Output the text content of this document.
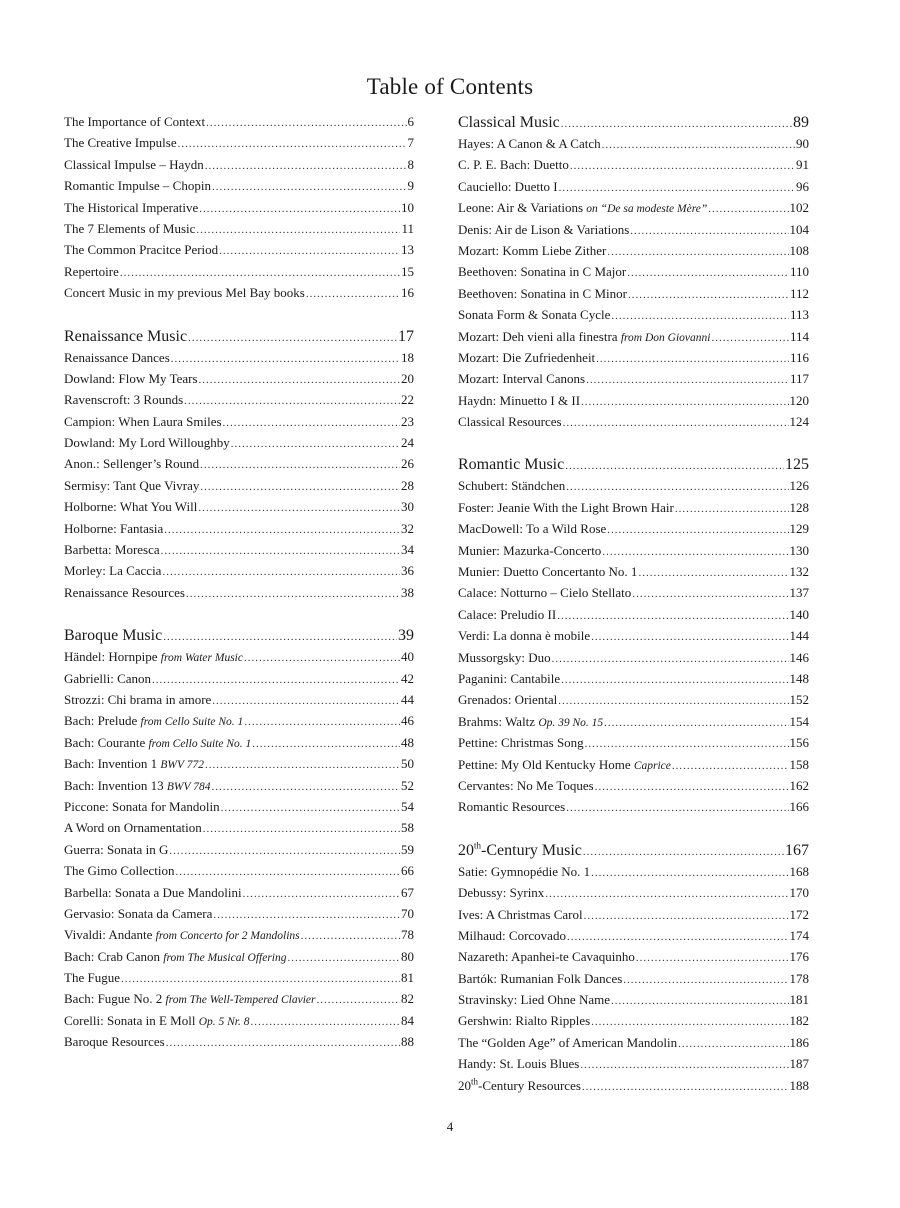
Table of Contents
The Importance of Context .....	6
The Creative Impulse .....	7
Classical Impulse – Haydn .....	8
Romantic Impulse – Chopin .....	9
The Historical Imperative .....	10
The 7 Elements of Music .....	11
The Common Pracitce Period .....	13
Repertoire .....	15
Concert Music in my previous Mel Bay books .....	16
Renaissance Music .....	17
Renaissance Dances .....	18
Dowland: Flow My Tears .....	20
Ravenscroft: 3 Rounds .....	22
Campion: When Laura Smiles .....	23
Dowland: My Lord Willoughby .....	24
Anon.: Sellenger’s Round .....	26
Sermisy: Tant Que Vivray .....	28
Holborne: What You Will .....	30
Holborne: Fantasia .....	32
Barbetta: Moresca .....	34
Morley: La Caccia .....	36
Renaissance Resources .....	38
Baroque Music .....	39
Händel: Hornpipe from Water Music .....	40
Gabrielli: Canon .....	42
Strozzi: Chi brama in amore .....	44
Bach: Prelude from Cello Suite No. 1 .....	46
Bach: Courante from Cello Suite No. 1 .....	48
Bach: Invention 1 BWV 772 .....	50
Bach: Invention 13 BWV 784 .....	52
Piccone: Sonata for Mandolin .....	54
A Word on Ornamentation .....	58
Guerra: Sonata in G .....	59
The Gimo Collection .....	66
Barbella: Sonata a Due Mandolini .....	67
Gervasio: Sonata da Camera .....	70
Vivaldi: Andante from Concerto for 2 Mandolins .....	78
Bach: Crab Canon from The Musical Offering .....	80
The Fugue .....	81
Bach: Fugue No. 2 from The Well-Tempered Clavier .....	82
Corelli: Sonata in E Moll Op. 5 Nr. 8 .....	84
Baroque Resources .....	88
Classical Music .....	89
Hayes: A Canon & A Catch .....	90
C. P. E. Bach: Duetto .....	91
Cauciello: Duetto I .....	96
Leone: Air & Variations on “De sa modeste Mère” .....	102
Denis: Air de Lison & Variations .....	104
Mozart: Komm Liebe Zither .....	108
Beethoven: Sonatina in C Major .....	110
Beethoven: Sonatina in C Minor .....	112
Sonata Form & Sonata Cycle .....	113
Mozart: Deh vieni alla finestra from Don Giovanni .....	114
Mozart: Die Zufriedenheit .....	116
Mozart: Interval Canons .....	117
Haydn: Minuetto I & II .....	120
Classical Resources .....	124
Romantic Music .....	125
Schubert: Ständchen .....	126
Foster: Jeanie With the Light Brown Hair .....	128
MacDowell: To a Wild Rose .....	129
Munier: Mazurka-Concerto .....	130
Munier: Duetto Concertanto No. 1 .....	132
Calace: Notturno – Cielo Stellato .....	137
Calace: Preludio II .....	140
Verdi: La donna è mobile .....	144
Mussorgsky: Duo .....	146
Paganini: Cantabile .....	148
Grenados: Oriental .....	152
Brahms: Waltz Op. 39 No. 15 .....	154
Pettine: Christmas Song .....	156
Pettine: My Old Kentucky Home Caprice .....	158
Cervantes: No Me Toques .....	162
Romantic Resources .....	166
20th-Century Music .....	167
Satie: Gymnopédie No. 1 .....	168
Debussy: Syrinx .....	170
Ives: A Christmas Carol .....	172
Milhaud: Corcovado .....	174
Nazareth: Apanhei-te Cavaquinho .....	176
Bartók: Rumanian Folk Dances .....	178
Stravinsky: Lied Ohne Name .....	181
Gershwin: Rialto Ripples .....	182
The “Golden Age” of American Mandolin .....	186
Handy: St. Louis Blues .....	187
20th-Century Resources .....	188
4
